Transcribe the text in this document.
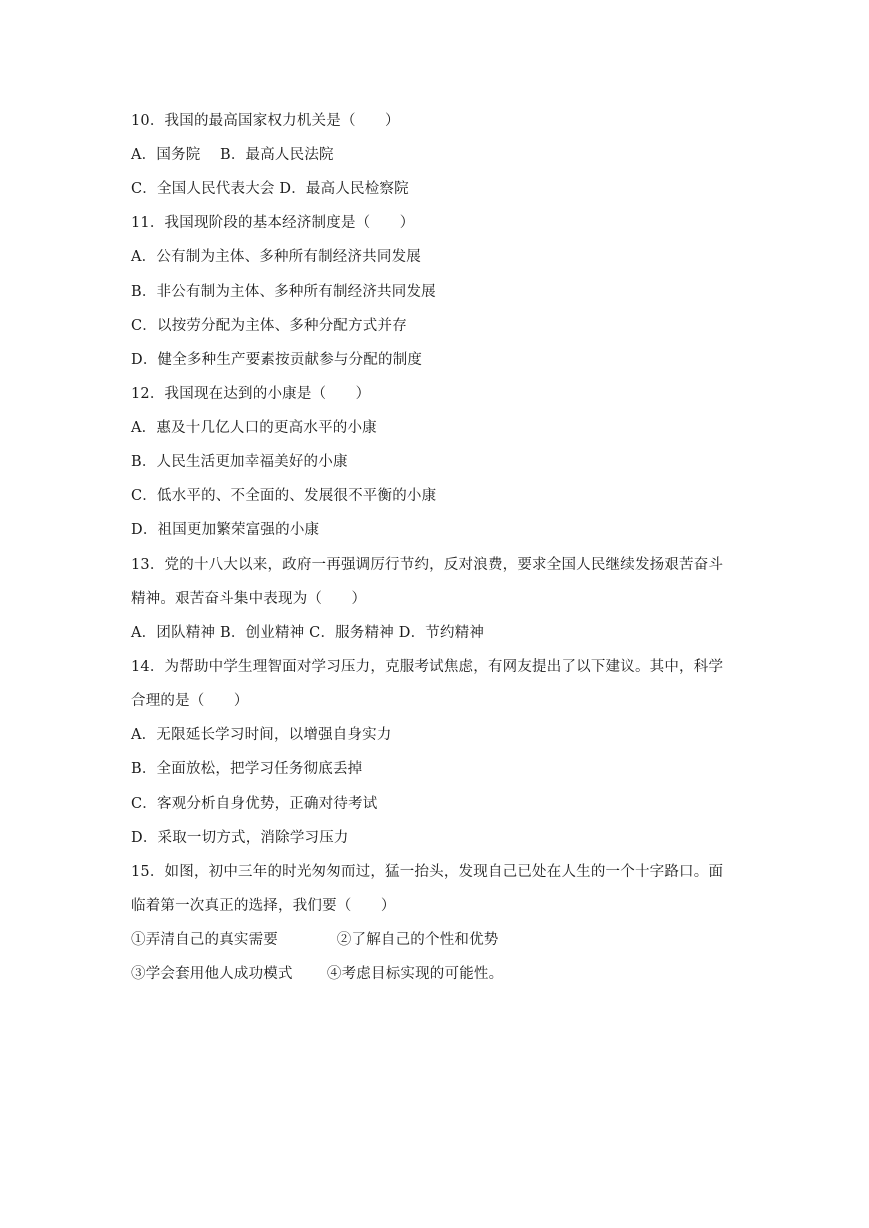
10．我国的最高国家权力机关是（　　）
A．国务院　 B．最高人民法院
C．全国人民代表大会 D．最高人民检察院
11．我国现阶段的基本经济制度是（　　）
A．公有制为主体、多种所有制经济共同发展
B．非公有制为主体、多种所有制经济共同发展
C．以按劳分配为主体、多种分配方式并存
D．健全多种生产要素按贡献参与分配的制度
12．我国现在达到的小康是（　　）
A．惠及十几亿人口的更高水平的小康
B．人民生活更加幸福美好的小康
C．低水平的、不全面的、发展很不平衡的小康
D．祖国更加繁荣富强的小康
13．党的十八大以来，政府一再强调厉行节约，反对浪费，要求全国人民继续发扬艰苦奋斗
精神。艰苦奋斗集中表现为（　　）
A．团队精神 B．创业精神 C．服务精神 D．节约精神
14．为帮助中学生理智面对学习压力，克服考试焦虑，有网友提出了以下建议。其中，科学
合理的是（　　）
A．无限延长学习时间，以增强自身实力
B．全面放松，把学习任务彻底丢掉
C．客观分析自身优势，正确对待考试
D．采取一切方式，消除学习压力
15．如图，初中三年的时光匆匆而过，猛一抬头，发现自己已处在人生的一个十字路口。面
临着第一次真正的选择，我们要（　　）
①弄清自己的真实需要　　　　②了解自己的个性和优势
③学会套用他人成功模式　　 ④考虑目标实现的可能性。
